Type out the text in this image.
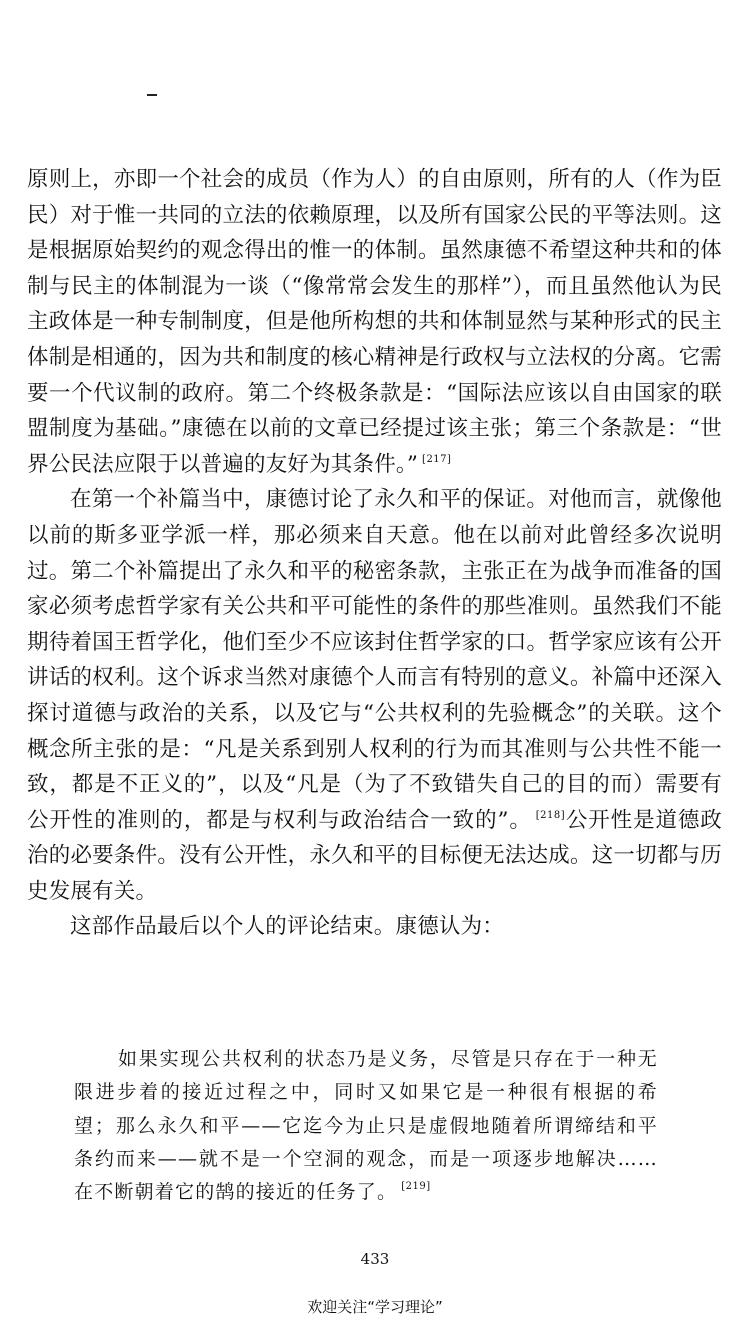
原则上，亦即一个社会的成员（作为人）的自由原则，所有的人（作为臣民）对于惟一共同的立法的依赖原理，以及所有国家公民的平等法则。这是根据原始契约的观念得出的惟一的体制。虽然康德不希望这种共和的体制与民主的体制混为一谈（“像常常会发生的那样”），而且虽然他认为民主政体是一种专制制度，但是他所构想的共和体制显然与某种形式的民主体制是相通的，因为共和制度的核心精神是行政权与立法权的分离。它需要一个代议制的政府。第二个终极条款是：“国际法应该以自由国家的联盟制度为基础。”康德在以前的文章已经提过该主张；第三个条款是：“世界公民法应限于以普遍的友好为其条件。” [217]

在第一个补篇当中，康德讨论了永久和平的保证。对他而言，就像他以前的斯多亚学派一样，那必须来自天意。他在以前对此曾经多次说明过。第二个补篇提出了永久和平的秘密条款，主张正在为战争而准备的国家必须考虑哲学家有关公共和平可能性的条件的那些准则。虽然我们不能期待着国王哲学化，他们至少不应该封住哲学家的口。哲学家应该有公开讲话的权利。这个诉求当然对康德个人而言有特别的意义。补篇中还深入探讨道德与政治的关系，以及它与“公共权利的先验概念”的关联。这个概念所主张的是：“凡是关系到别人权利的行为而其准则与公共性不能一致，都是不正义的”，以及“凡是（为了不致错失自己的目的而）需要有公开性的准则的，都是与权利与政治结合一致的”。 [218]公开性是道德政治的必要条件。没有公开性，永久和平的目标便无法达成。这一切都与历史发展有关。

这部作品最后以个人的评论结束。康德认为：

如果实现公共权利的状态乃是义务，尽管是只存在于一种无限进步着的接近过程之中，同时又如果它是一种很有根据的希望；那么永久和平——它迄今为止只是虚假地随着所谓缔结和平条约而来——就不是一个空洞的观念，而是一项逐步地解决……在不断朝着它的鹄的接近的任务了。 [219]

433
欢迎关注“学习理论”
